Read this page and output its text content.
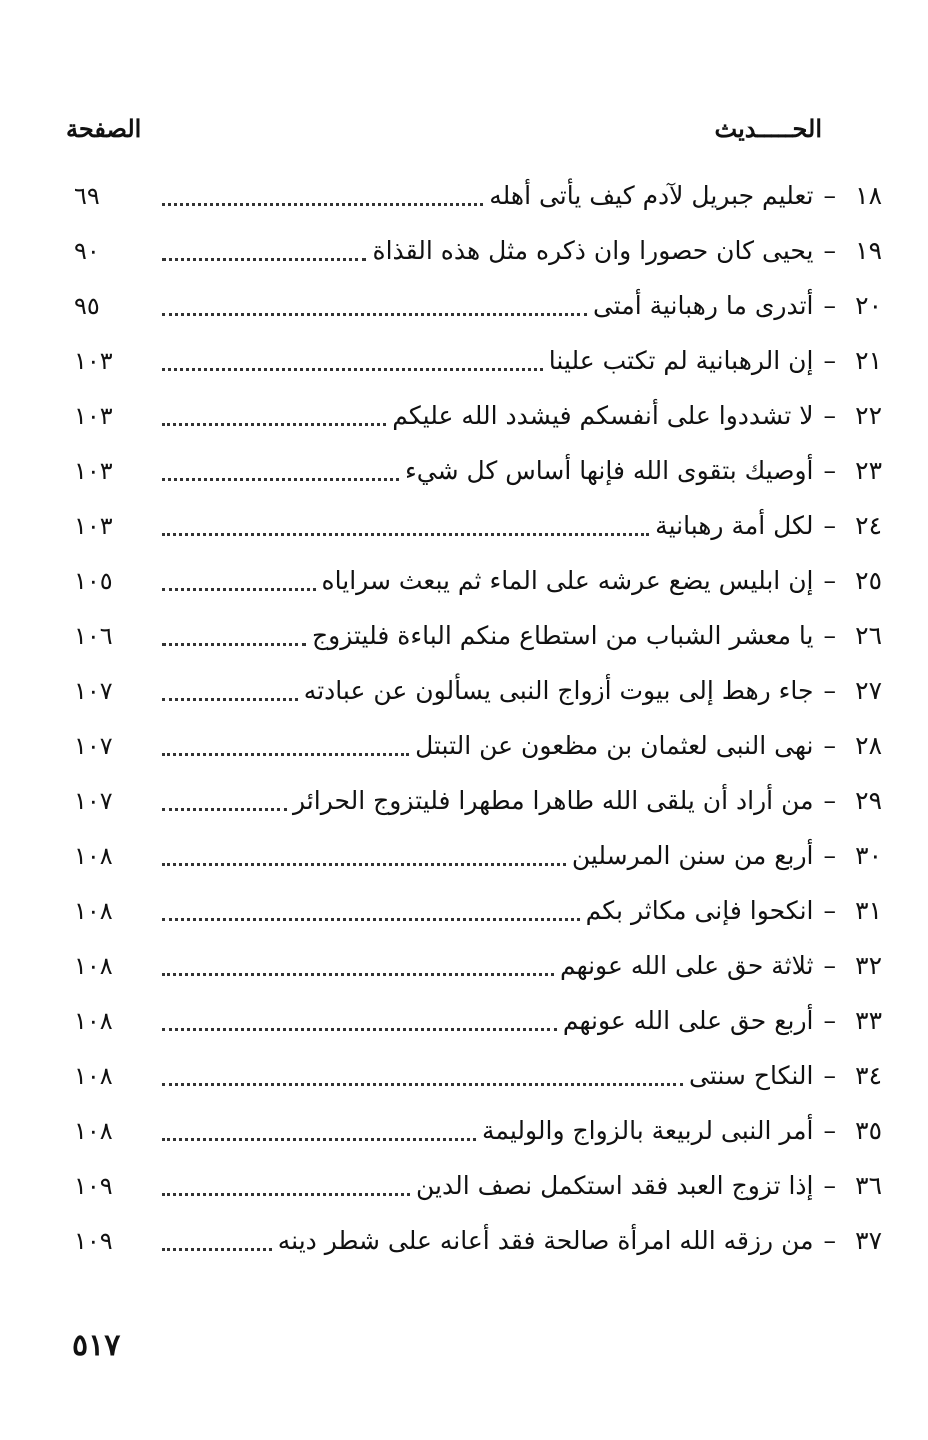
الحـــــديث
الصفحة
١٨
–
تعليم جبريل لآدم كيف يأتى أهله
٦٩
١٩
–
يحيى كان حصورا وان ذكره مثل هذه القذاة
٩٠
٢٠
–
أتدرى ما رهبانية أمتى
٩٥
٢١
–
إن الرهبانية لم تكتب علينا
١٠٣
٢٢
–
لا تشددوا على أنفسكم فيشدد الله عليكم
١٠٣
٢٣
–
أوصيك بتقوى الله فإنها أساس كل شيء
١٠٣
٢٤
–
لكل أمة رهبانية
١٠٣
٢٥
–
إن ابليس يضع عرشه على الماء ثم يبعث سراياه
١٠٥
٢٦
–
يا معشر الشباب من استطاع منكم الباءة فليتزوج
١٠٦
٢٧
–
جاء رهط إلى بيوت أزواج النبى يسألون عن عبادته
١٠٧
٢٨
–
نهى النبى لعثمان بن مظعون عن التبتل
١٠٧
٢٩
–
من أراد أن يلقى الله طاهرا مطهرا فليتزوج الحرائر
١٠٧
٣٠
–
أربع من سنن المرسلين
١٠٨
٣١
–
انكحوا فإنى مكاثر بكم
١٠٨
٣٢
–
ثلاثة حق على الله عونهم
١٠٨
٣٣
–
أربع حق على الله عونهم
١٠٨
٣٤
–
النكاح سنتى
١٠٨
٣٥
–
أمر النبى لربيعة بالزواج والوليمة
١٠٨
٣٦
–
إذا تزوج العبد فقد استكمل نصف الدين
١٠٩
٣٧
–
من رزقه الله امرأة صالحة فقد أعانه على شطر دينه
١٠٩
٥١٧
